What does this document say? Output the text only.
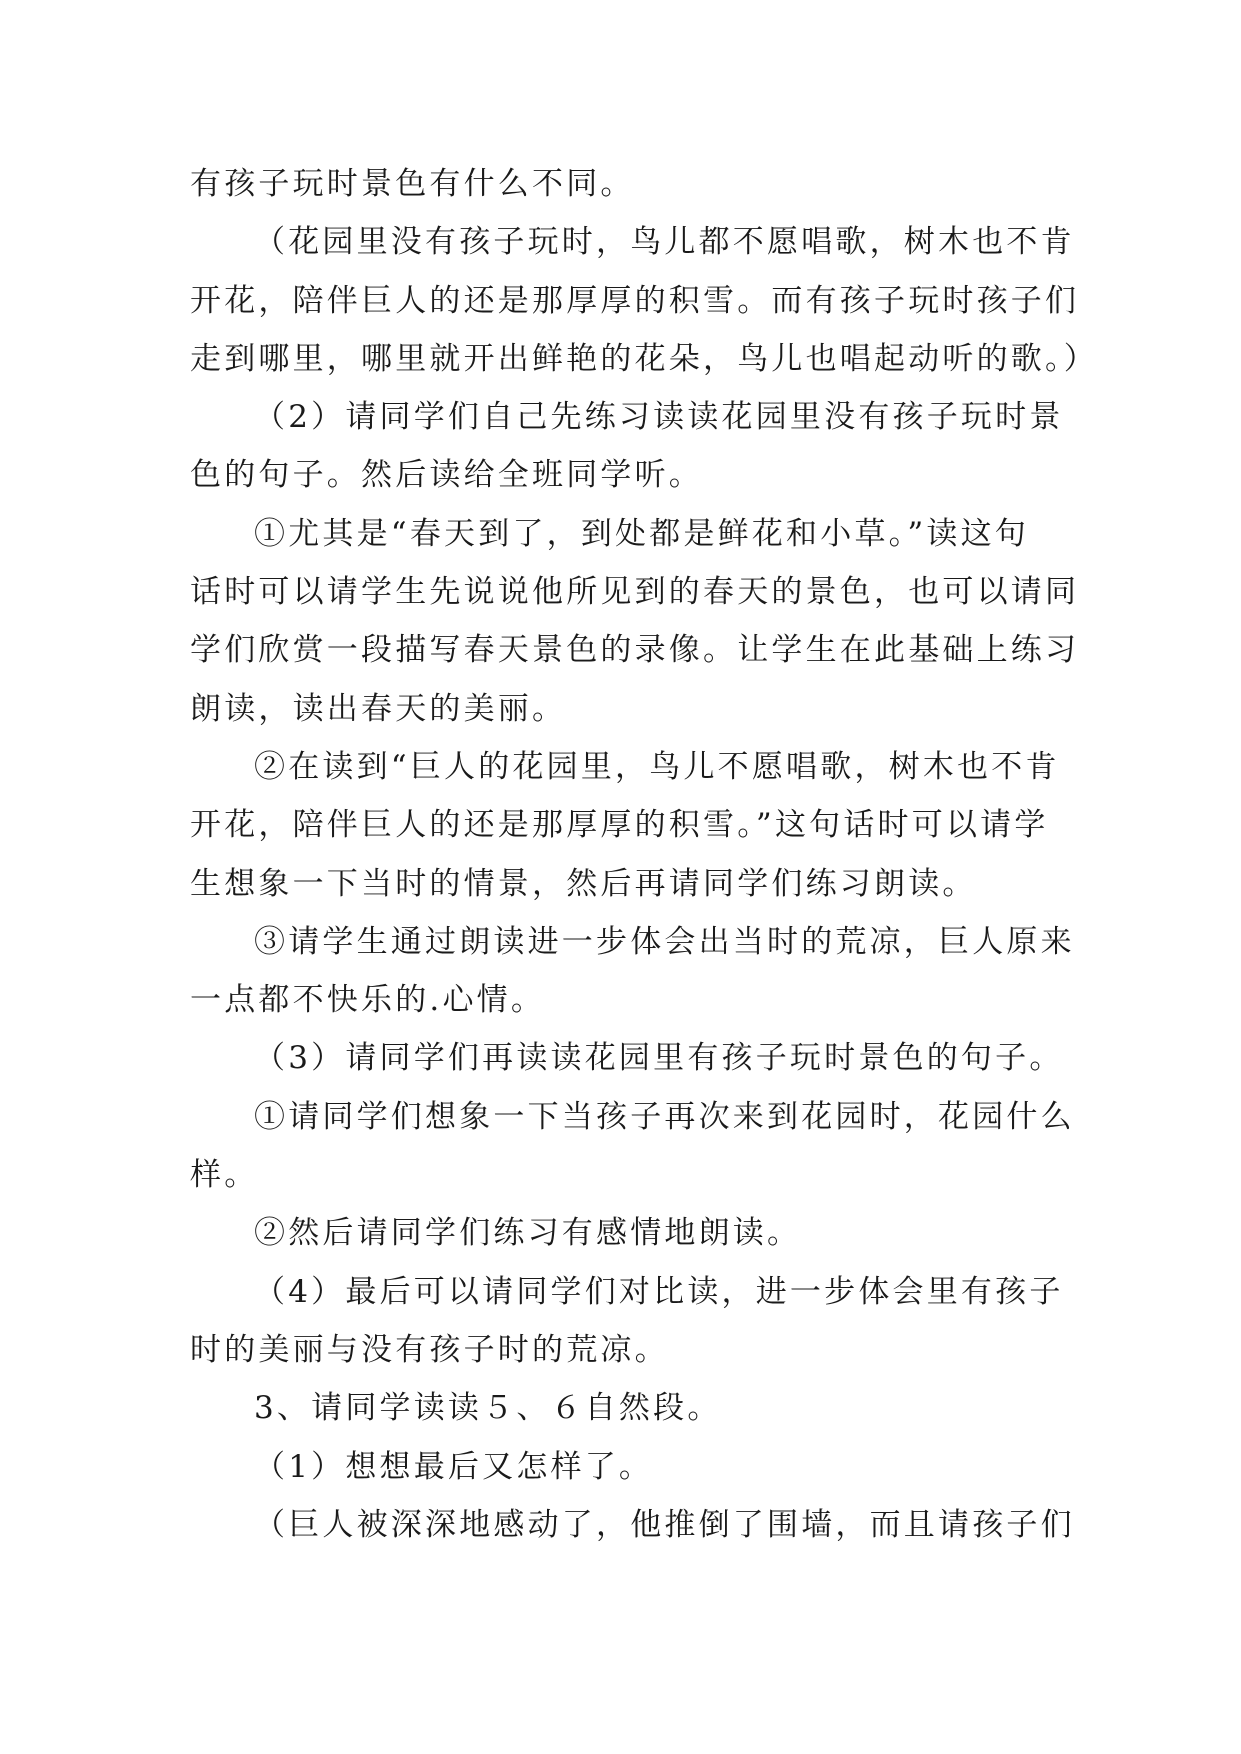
有孩子玩时景色有什么不同。
（花园里没有孩子玩时，鸟儿都不愿唱歌，树木也不肯
开花，陪伴巨人的还是那厚厚的积雪。而有孩子玩时孩子们
走到哪里，哪里就开出鲜艳的花朵，鸟儿也唱起动听的歌。）
（2）请同学们自己先练习读读花园里没有孩子玩时景
色的句子。然后读给全班同学听。
①尤其是“春天到了，到处都是鲜花和小草。”读这句
话时可以请学生先说说他所见到的春天的景色，也可以请同
学们欣赏一段描写春天景色的录像。让学生在此基础上练习
朗读，读出春天的美丽。
②在读到“巨人的花园里，鸟儿不愿唱歌，树木也不肯
开花，陪伴巨人的还是那厚厚的积雪。”这句话时可以请学
生想象一下当时的情景，然后再请同学们练习朗读。
③请学生通过朗读进一步体会出当时的荒凉，巨人原来
一点都不快乐的.心情。
（3）请同学们再读读花园里有孩子玩时景色的句子。
①请同学们想象一下当孩子再次来到花园时，花园什么
样。
②然后请同学们练习有感情地朗读。
（4）最后可以请同学们对比读，进一步体会里有孩子
时的美丽与没有孩子时的荒凉。
3、请同学读读５、６自然段。
（1）想想最后又怎样了。
（巨人被深深地感动了，他推倒了围墙，而且请孩子们
